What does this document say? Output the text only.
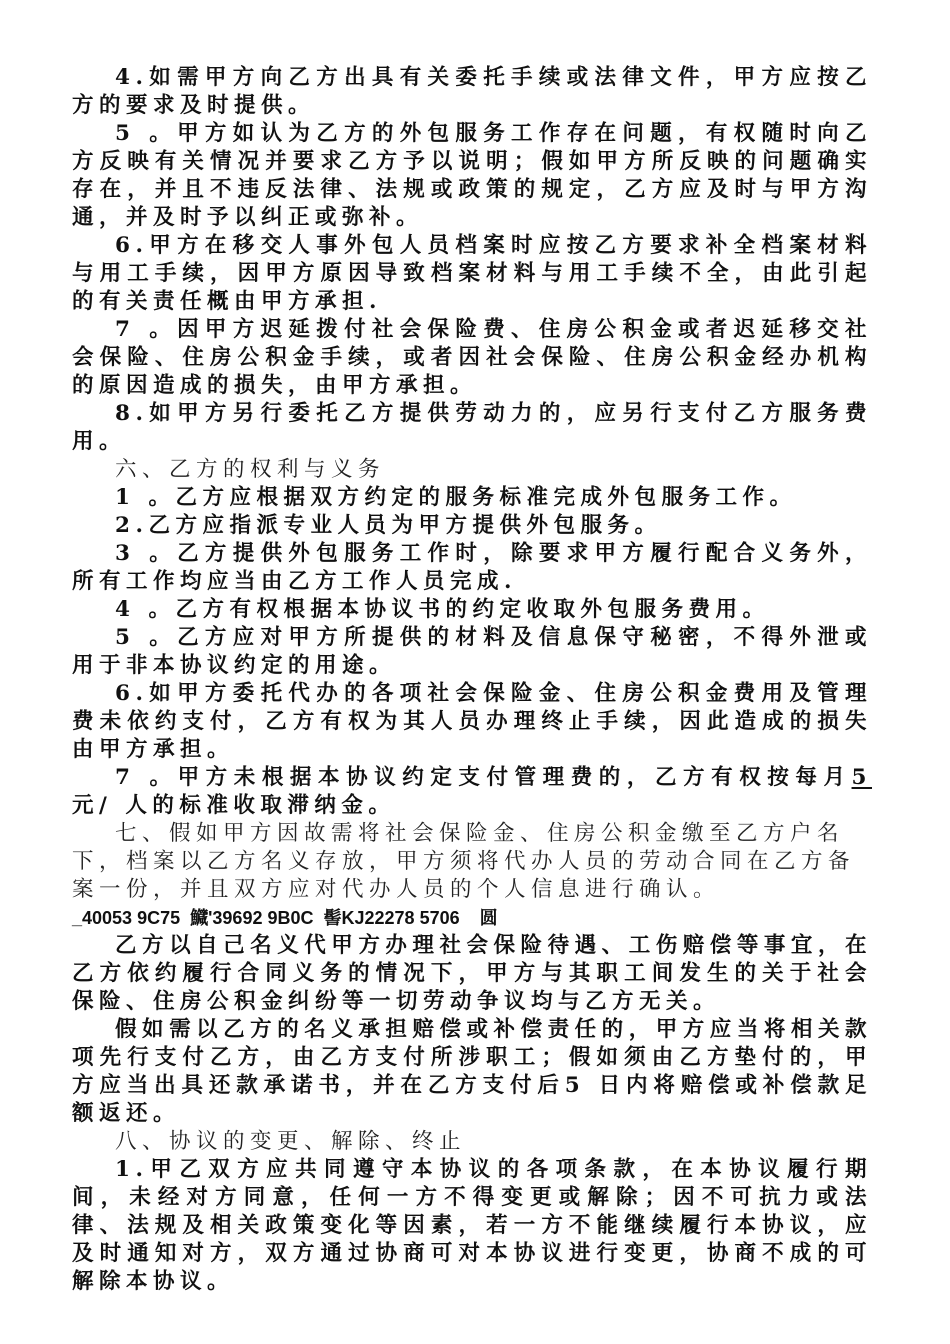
4.如需甲方向乙方出具有关委托手续或法律文件，甲方应按乙方的要求及时提供。

5 。甲方如认为乙方的外包服务工作存在问题，有权随时向乙方反映有关情况并要求乙方予以说明；假如甲方所反映的问题确实存在，并且不违反法律、法规或政策的规定，乙方应及时与甲方沟通，并及时予以纠正或弥补。

6.甲方在移交人事外包人员档案时应按乙方要求补全档案材料与用工手续，因甲方原因导致档案材料与用工手续不全，由此引起的有关责任概由甲方承担.

7 。因甲方迟延拨付社会保险费、住房公积金或者迟延移交社会保险、住房公积金手续，或者因社会保险、住房公积金经办机构的原因造成的损失，由甲方承担。

8.如甲方另行委托乙方提供劳动力的，应另行支付乙方服务费用。

六、乙方的权利与义务

1 。乙方应根据双方约定的服务标准完成外包服务工作。

2.乙方应指派专业人员为甲方提供外包服务。

3 。乙方提供外包服务工作时，除要求甲方履行配合义务外，所有工作均应当由乙方工作人员完成.

4 。乙方有权根据本协议书的约定收取外包服务费用。

5 。乙方应对甲方所提供的材料及信息保守秘密，不得外泄或用于非本协议约定的用途。

6.如甲方委托代办的各项社会保险金、住房公积金费用及管理费未依约支付，乙方有权为其人员办理终止手续，因此造成的损失由甲方承担。

7 。甲方未根据本协议约定支付管理费的，乙方有权按每月5元/ 人的标准收取滞纳金。

七、假如甲方因故需将社会保险金、住房公积金缴至乙方户名下，档案以乙方名义存放，甲方须将代办人员的劳动合同在乙方备案一份，并且双方应对代办人员的个人信息进行确认。

_40053 9C75 鱵'39692 9B0C 髻KJ22278 5706 圆

乙方以自己名义代甲方办理社会保险待遇、工伤赔偿等事宜，在乙方依约履行合同义务的情况下，甲方与其职工间发生的关于社会保险、住房公积金纠纷等一切劳动争议均与乙方无关。

假如需以乙方的名义承担赔偿或补偿责任的，甲方应当将相关款项先行支付乙方，由乙方支付所涉职工；假如须由乙方垫付的，甲方应当出具还款承诺书，并在乙方支付后5 日内将赔偿或补偿款足额返还。

八、协议的变更、解除、终止

1.甲乙双方应共同遵守本协议的各项条款，在本协议履行期间，未经对方同意，任何一方不得变更或解除；因不可抗力或法律、法规及相关政策变化等因素，若一方不能继续履行本协议，应及时通知对方，双方通过协商可对本协议进行变更，协商不成的可解除本协议。
